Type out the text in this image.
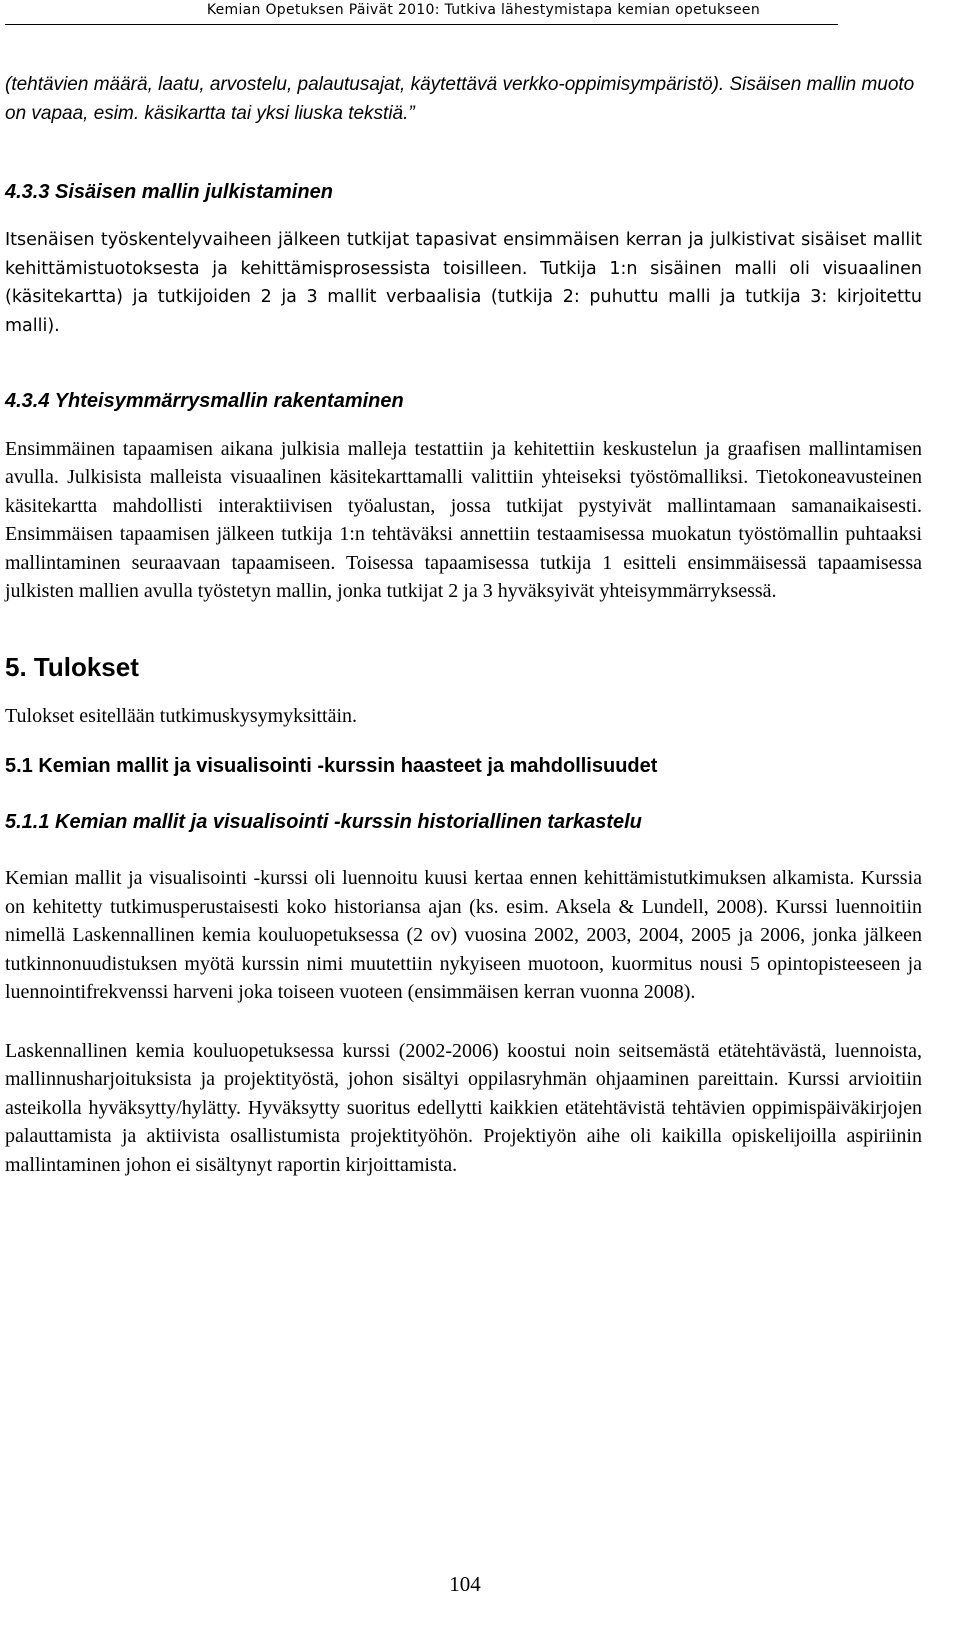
Kemian Opetuksen Päivät 2010: Tutkiva lähestymistapa kemian opetukseen

(tehtävien määrä, laatu, arvostelu, palautusajat, käytettävä verkko-oppimisympäristö). Sisäisen mallin muoto on vapaa, esim. käsikartta tai yksi liuska tekstiä.”

4.3.3 Sisäisen mallin julkistaminen

Itsenäisen työskentelyvaiheen jälkeen tutkijat tapasivat ensimmäisen kerran ja julkistivat sisäiset mallit kehittämistuotoksesta ja kehittämisprosessista toisilleen. Tutkija 1:n sisäinen malli oli visuaalinen (käsitekartta) ja tutkijoiden 2 ja 3 mallit verbaalisia (tutkija 2: puhuttu malli ja tutkija 3: kirjoitettu malli).

4.3.4 Yhteisymmärrysmallin rakentaminen

Ensimmäinen tapaamisen aikana julkisia malleja testattiin ja kehitettiin keskustelun ja graafisen mallintamisen avulla. Julkisista malleista visuaalinen käsitekarttamalli valittiin yhteiseksi työstömalliksi. Tietokoneavusteinen käsitekartta mahdollisti interaktiivisen työalustan, jossa tutkijat pystyivät mallintamaan samanaikaisesti. Ensimmäisen tapaamisen jälkeen tutkija 1:n tehtäväksi annettiin testaamisessa muokatun työstömallin puhtaaksi mallintaminen seuraavaan tapaamiseen. Toisessa tapaamisessa tutkija 1 esitteli ensimmäisessä tapaamisessa julkisten mallien avulla työstetyn mallin, jonka tutkijat 2 ja 3 hyväksyivät yhteisymmärryksessä.

5. Tulokset

Tulokset esitellään tutkimuskysymyksittäin.

5.1 Kemian mallit ja visualisointi -kurssin haasteet ja mahdollisuudet
5.1.1 Kemian mallit ja visualisointi -kurssin historiallinen tarkastelu

Kemian mallit ja visualisointi -kurssi oli luennoitu kuusi kertaa ennen kehittämistutkimuksen alkamista. Kurssia on kehitetty tutkimusperustaisesti koko historiansa ajan (ks. esim. Aksela & Lundell, 2008). Kurssi luennoitiin nimellä Laskennallinen kemia kouluopetuksessa (2 ov) vuosina 2002, 2003, 2004, 2005 ja 2006, jonka jälkeen tutkinnonuudistuksen myötä kurssin nimi muutettiin nykyiseen muotoon, kuormitus nousi 5 opintopisteeseen ja luennointifrekvenssi harveni joka toiseen vuoteen (ensimmäisen kerran vuonna 2008).

Laskennallinen kemia kouluopetuksessa kurssi (2002-2006) koostui noin seitsemästä etätehtävästä, luennoista, mallinnusharjoituksista ja projektityöstä, johon sisältyi oppilasryhmän ohjaaminen pareittain. Kurssi arvioitiin asteikolla hyväksytty/hylätty. Hyväksytty suoritus edellytti kaikkien etätehtävistä tehtävien oppimispäiväkirjojen palauttamista ja aktiivista osallistumista projektityöhön. Projektiyön aihe oli kaikilla opiskelijoilla aspiriinin mallintaminen johon ei sisältynyt raportin kirjoittamista.

104
